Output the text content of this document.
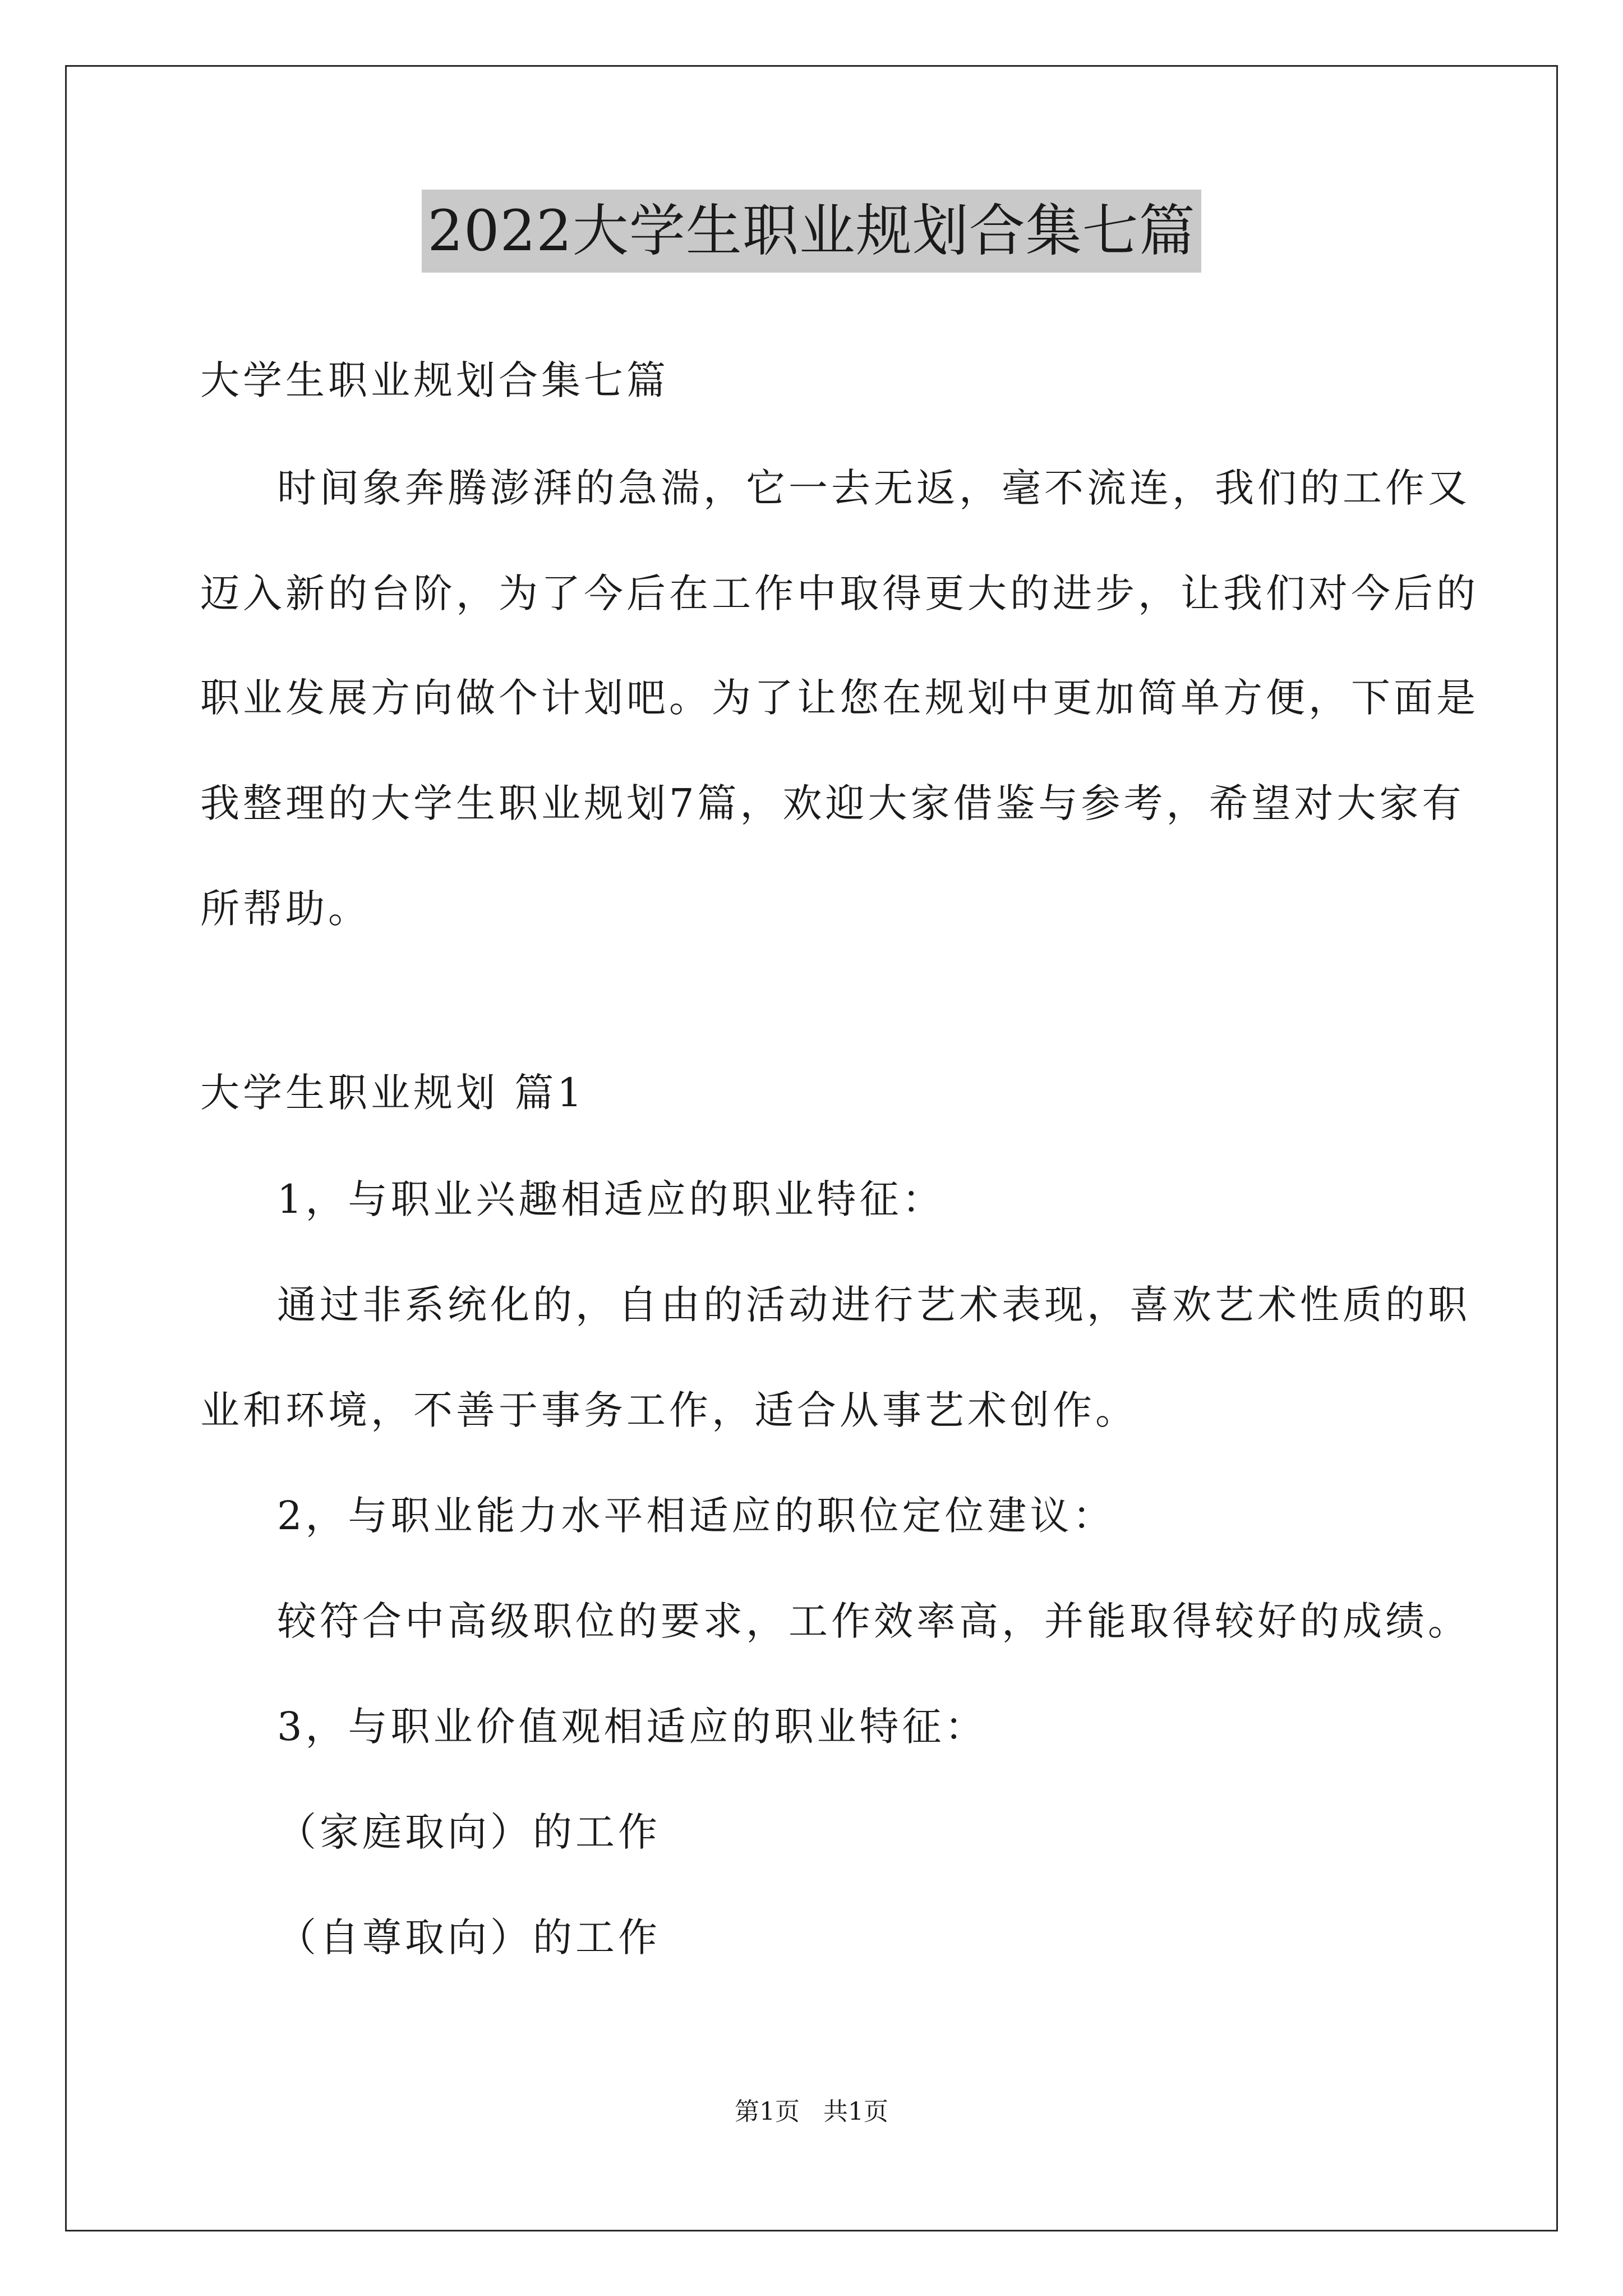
2022大学生职业规划合集七篇
大学生职业规划合集七篇
时间象奔腾澎湃的急湍，它一去无返，毫不流连，我们的工作又
迈入新的台阶，为了今后在工作中取得更大的进步，让我们对今后的
职业发展方向做个计划吧。为了让您在规划中更加简单方便，下面是
我整理的大学生职业规划7篇，欢迎大家借鉴与参考，希望对大家有
所帮助。
大学生职业规划 篇1
1，与职业兴趣相适应的职业特征：
通过非系统化的，自由的活动进行艺术表现，喜欢艺术性质的职
业和环境，不善于事务工作，适合从事艺术创作。
2，与职业能力水平相适应的职位定位建议：
较符合中高级职位的要求，工作效率高，并能取得较好的成绩。
3，与职业价值观相适应的职业特征：
（家庭取向）的工作
（自尊取向）的工作
第1页 共1页
